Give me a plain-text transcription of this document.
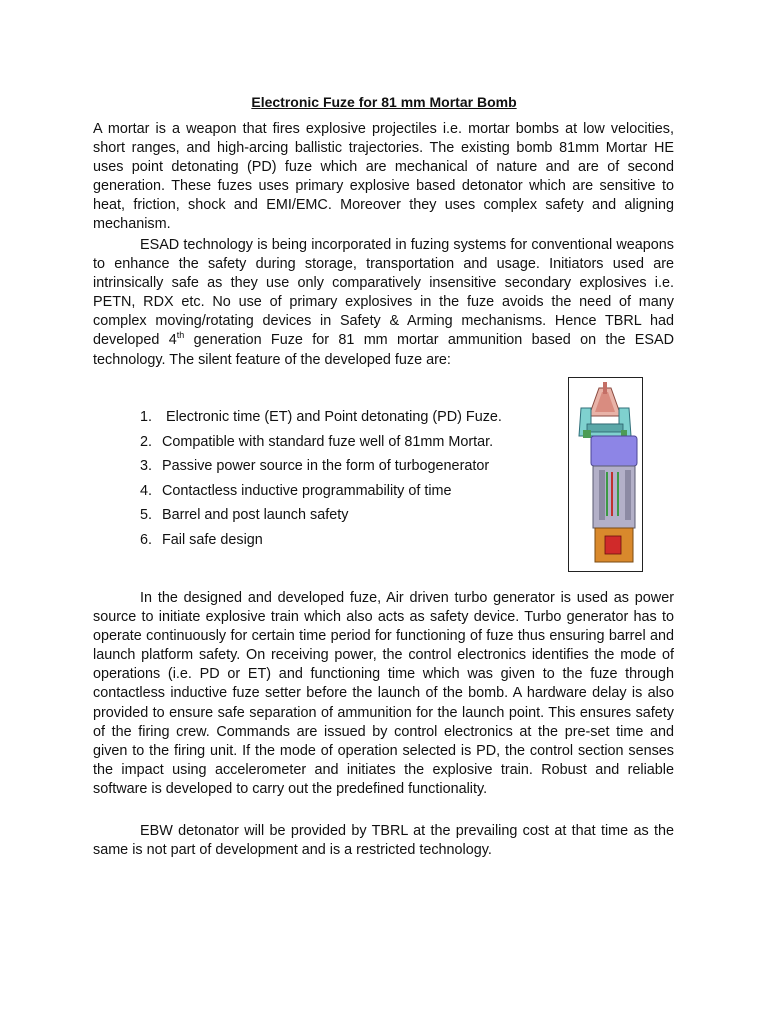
Electronic Fuze for 81 mm Mortar Bomb

A mortar is a weapon that fires explosive projectiles i.e. mortar bombs at low velocities, short ranges, and high-arcing ballistic trajectories. The existing bomb 81mm Mortar HE uses point detonating (PD) fuze which are mechanical of nature and are of second generation. These fuzes uses primary explosive based detonator which are sensitive to heat, friction, shock and EMI/EMC. Moreover they uses complex safety and aligning mechanism.

ESAD technology is being incorporated in fuzing systems for conventional weapons to enhance the safety during storage, transportation and usage. Initiators used are intrinsically safe as they use only comparatively insensitive secondary explosives i.e. PETN, RDX etc. No use of primary explosives in the fuze avoids the need of many complex moving/rotating devices in Safety & Arming mechanisms. Hence TBRL had developed 4th generation Fuze for 81 mm mortar ammunition based on the ESAD technology. The silent feature of the developed fuze are:

1. Electronic time (ET) and Point detonating (PD) Fuze.
2. Compatible with standard fuze well of 81mm Mortar.
3. Passive power source in the form of turbogenerator
4. Contactless inductive programmability of time
5. Barrel and post launch safety
6. Fail safe design

In the designed and developed fuze, Air driven turbo generator is used as power source to initiate explosive train which also acts as safety device. Turbo generator has to operate continuously for certain time period for functioning of fuze thus ensuring barrel and launch platform safety. On receiving power, the control electronics identifies the mode of operations (i.e. PD or ET) and functioning time which was given to the fuze through contactless inductive fuze setter before the launch of the bomb. A hardware delay is also provided to ensure safe separation of ammunition for the launch point. This ensures safety of the firing crew. Commands are issued by control electronics at the pre-set time and given to the firing unit. If the mode of operation selected is PD, the control section senses the impact using accelerometer and initiates the explosive train. Robust and reliable software is developed to carry out the predefined functionality.

EBW detonator will be provided by TBRL at the prevailing cost at that time as the same is not part of development and is a restricted technology.
